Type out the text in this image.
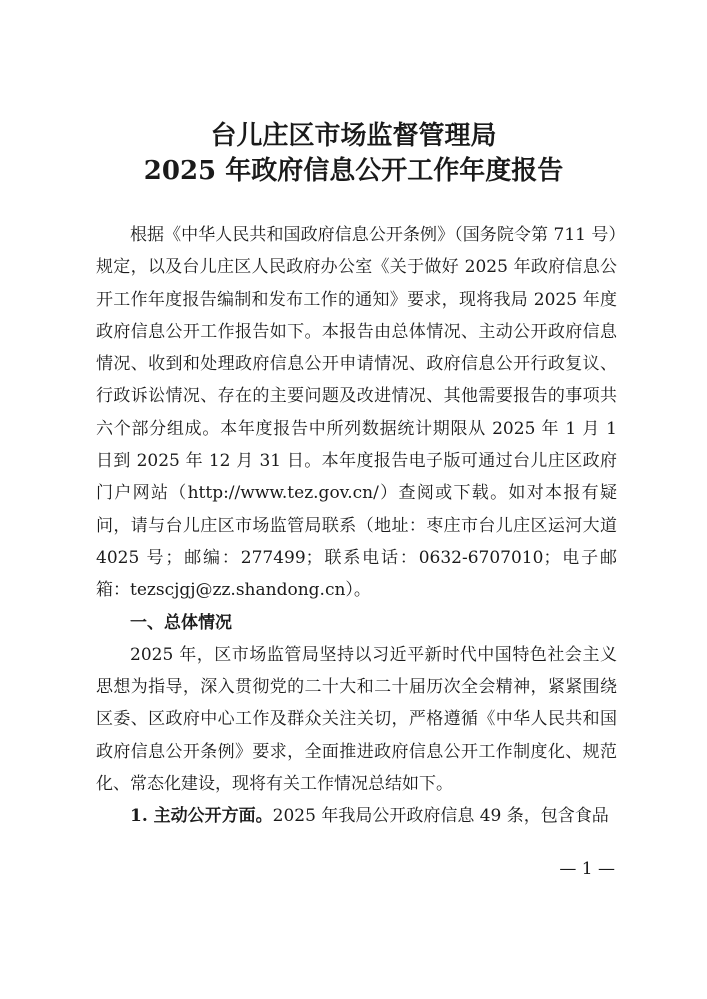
台儿庄区市场监督管理局
2025 年政府信息公开工作年度报告

根据《中华人民共和国政府信息公开条例》（国务院令第 711 号）规定，以及台儿庄区人民政府办公室《关于做好 2025 年政府信息公开工作年度报告编制和发布工作的通知》要求，现将我局 2025 年度政府信息公开工作报告如下。本报告由总体情况、主动公开政府信息情况、收到和处理政府信息公开申请情况、政府信息公开行政复议、行政诉讼情况、存在的主要问题及改进情况、其他需要报告的事项共六个部分组成。本年度报告中所列数据统计期限从 2025 年 1 月 1 日到 2025 年 12 月 31 日。本年度报告电子版可通过台儿庄区政府门户网站（http://www.tez.gov.cn/）查阅或下载。如对本报有疑问，请与台儿庄区市场监管局联系（地址：枣庄市台儿庄区运河大道 4025 号；邮编：277499；联系电话：0632-6707010；电子邮箱：tezscjgj@zz.shandong.cn）。

一、总体情况

2025 年，区市场监管局坚持以习近平新时代中国特色社会主义思想为指导，深入贯彻党的二十大和二十届历次全会精神，紧紧围绕区委、区政府中心工作及群众关注关切，严格遵循《中华人民共和国政府信息公开条例》要求，全面推进政府信息公开工作制度化、规范化、常态化建设，现将有关工作情况总结如下。

1. 主动公开方面。2025 年我局公开政府信息 49 条，包含食品

— 1 —
